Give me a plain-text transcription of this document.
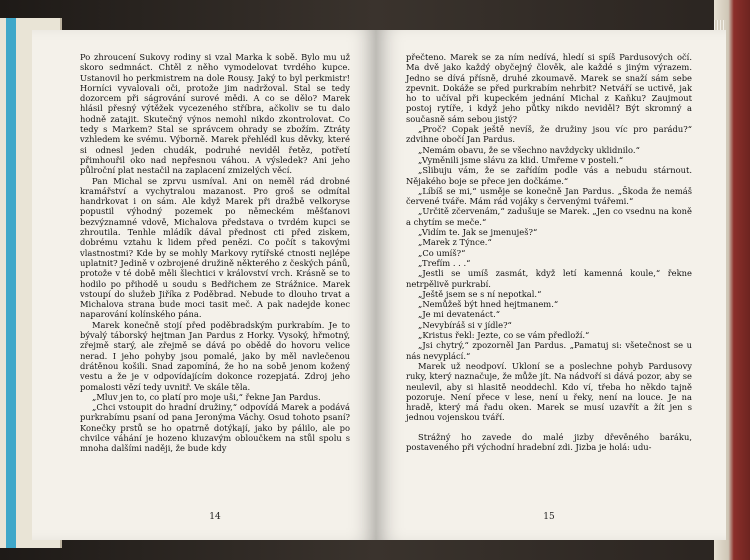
Po zhroucení Sukovy rodiny si vzal Marka k sobě. Bylo mu už skoro sedmnáct. Chtěl z něho vymodelovat tvrdého kupce. Ustanovil ho perkmistrem na dole Rousy. Jaký to byl perkmistr! Horníci vyvalovali oči, protože jim nadržoval. Stal se tedy dozorcem při ságrování surové mědi. A co se dělo? Marek hlásil přesný výtěžek vycezeného stříbra, ačkoliv se tu dalo hodně zatajit. Skutečný výnos nemohl nikdo zkontrolovat. Co tedy s Markem? Stal se správcem ohrady se zbožím. Ztráty vzhledem ke svému. Výborně. Marek přehlédl kus děvky, které si odnesl jeden chudák, podruhé neviděl řetěz, potřetí přimhouřil oko nad nepřesnou váhou. A výsledek? Ani jeho půlroční plat nestačil na zaplacení zmizelých věcí.

Pan Michal se zprvu usmíval. Ani on neměl rád drobné kramářství a vychytralou mazanost. Pro groš se odmítal handrkovat i on sám. Ale když Marek při dražbě velkorysе popustil výhodný pozemek po německém měšťanovi bezvýznamné vdově, Michalova představa o tvrdém kupci se zhroutila. Tenhle mládík dával přednost cti před ziskem, dobrému vztahu k lidem před penězi. Co počít s takovými vlastnostmi? Kde by se mohly Markovy rytířské ctnosti nejlépe uplatnit? Jedině v ozbrojené družině některého z českých pánů, protože v té době měli šlechtici v královstvı́ vrch. Krásně se to hodilo po přihodě u soudu s Bedřichem ze Strážnice. Marek vstoupí do služeb Jiříka z Poděbrad. Nebude to dlouho trvat a Michalova strana bude moci tasit meč. A pak nadejde konec naparování kolínského pána.

Marek konečně stojí před poděbradským purkrabím. Je to bývalý táborský hejtman Jan Pardus z Horky. Vysoký, hřmotný, zřejmě starý, ale zřejmě se dává po obědě do hovoru velice nerad. I jeho pohyby jsou pomalé, jako by měl navlečenou drátěnou košili. Snad zapomíná, že ho na sobě jenom kožený vestu a že je v odpovídajícím dokonce rozepjatá. Zdroj jeho pomalosti vězí tedy uvnitř. Ve skále těla.

„Mluv jen to, co platí pro moje uši,“ řekne Jan Pardus.

„Chci vstoupit do hradní družiny,“ odpovídá Marek a podává purkrabímu psaní od pana Jeronýma Váchy. Osud tohoto psaní? Konečky prstů se ho opatrně dotýkají, jako by pálilo, ale po chvilce váhání je hozeno kluzavým obloučkem na stůl spolu s mnoha dalšími naději, že bude kdy

14

přečteno. Marek se za ním nedívá, hledí si spíš Pardusových očí. Ma dvě jako každý obyčejný člověk, ale každé s jiným výrazem. Jedno se dívá přísně, druhé zkoumavě. Marek se snaží sám sebe zpevnit. Dokáže se před purkrabím nehrbit? Netváří se uctivě, jak ho to učíval při kupeckém jednání Michal z Kaňku? Zaujmout postoj rytíře, i když jeho půtky nikdo neviděl? Být skromný a současně sám sebou jistý?

„Proč? Copak ještě nevíš, že družiny jsou víc pro parádu?“ zdvihne obočí Jan Pardus.

„Nemám obavu, že se všechno navždycky uklidnilo.“

„Vyměnili jsme slávu za klid. Umřeme v posteli.“

„Slibuju vám, že se zařídím podle vás a nebudu stárnout. Nějakého boje se přece jen dočkáme.“

„Líbíš se mi,“ usměje se konečně Jan Pardus. „Škoda že nemáš červené tváře. Mám rád vojáky s červenými tvářemi.“

„Určitě zčervenám,“ zadušuje se Marek. „Jen co vsednu na koně a chytím se meče.“

„Vidím te. Jak se jmenuješ?“

„Marek z Týnce.“

„Co umíš?“

„Trefím . . .“

„Jestli se umíš zasmát, když letí kamenná koule,“ řekne netrpělivě purkrabí.

„Ještě jsem se s ní nepotkal.“

„Nemůžeš být hned hejtmanem.“

„Je mi devatenáct.“

„Nevybíráš si v jídle?“

„Kristus řekl: Jezte, co se vám předloží.“

„Jsi chytrý,“ zpozorněl Jan Pardus. „Pamatuj si: všetečnost se u nás nevyplácí.“

Marek už neodpoví. Ukloní se a poslechne pohyb Pardusovy ruky, který naznačuje, že může jít. Na nádvoří si dává pozor, aby se neulevil, aby si hlasitě neoddechl. Kdo ví, třeba ho někdo tajně pozoruje. Není přece v lese, není u řeky, není na louce. Je na hradě, který má řadu oken. Marek se musí uzavřít a žít jen s jednou vojenskou tváří.

Strážný ho zavede do malé jizby dřevěného baráku, postaveného při východní hradební zdi. Jizba je holá: udu-

15
